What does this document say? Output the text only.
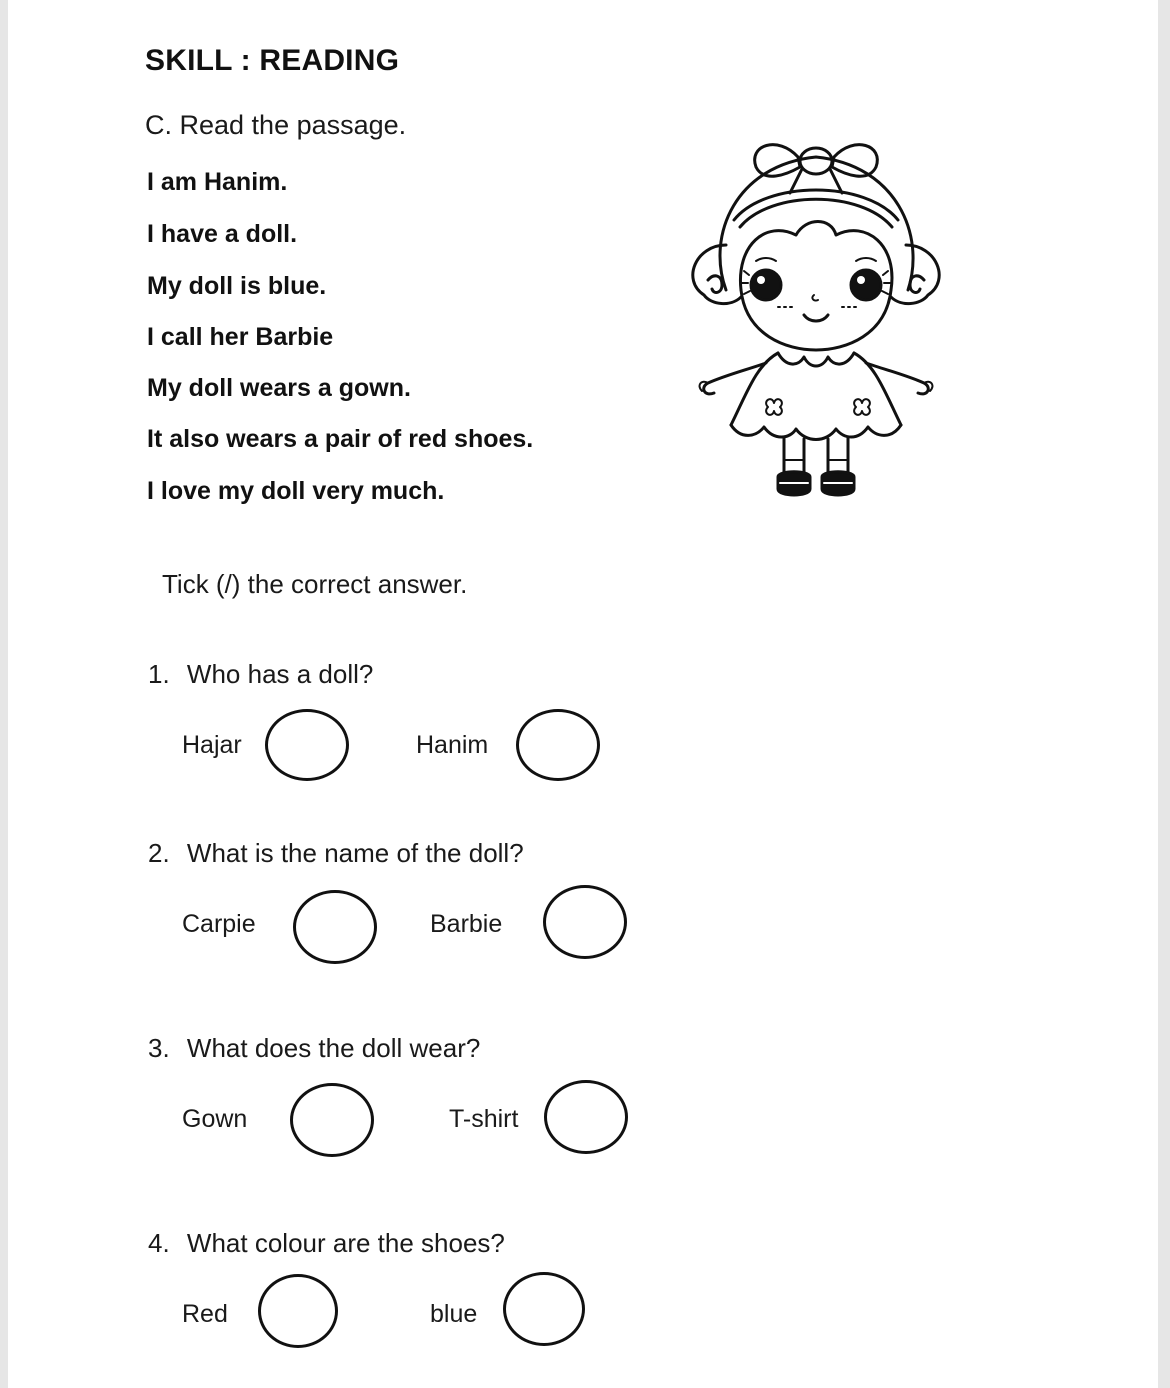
SKILL : READING
C. Read the passage.
I am Hanim.
I have a doll.
My doll is blue.
I call her Barbie
My doll wears a gown.
It also wears a pair of red shoes.
I love my doll very much.
Tick (/) the correct answer.
1. Who has a doll?
Hajar	Hanim
2. What is the name of the doll?
Carpie	Barbie
3. What does the doll wear?
Gown	T-shirt
4. What colour are the shoes?
Red	blue
